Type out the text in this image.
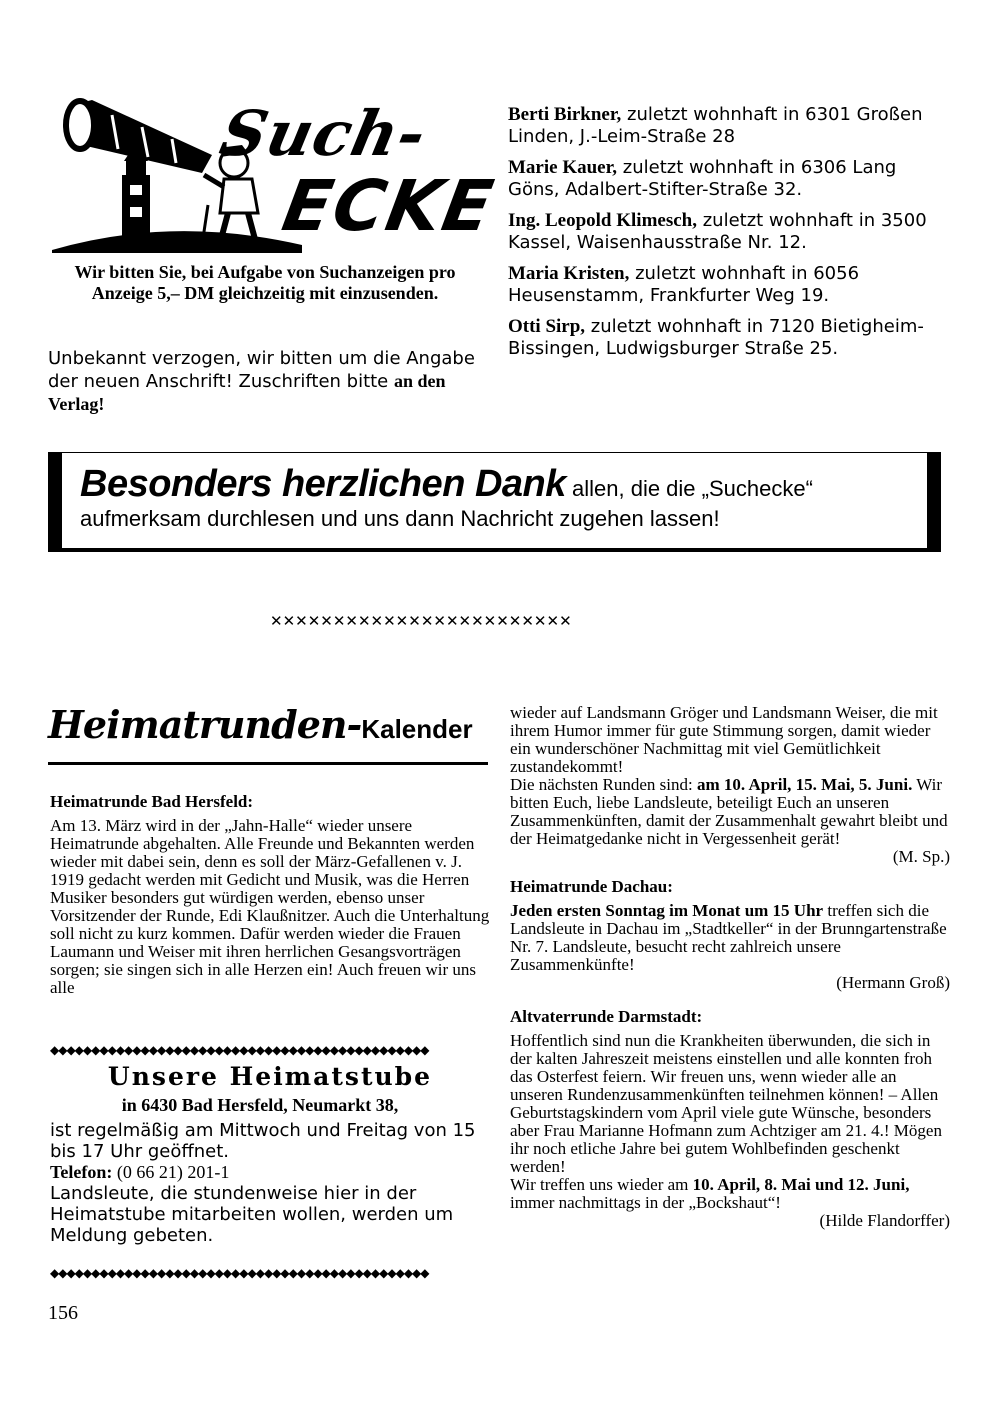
Such-
ECKE
Wir bitten Sie, bei Aufgabe von Suchanzeigen pro Anzeige 5,– DM gleichzeitig mit einzusenden.
Unbekannt verzogen, wir bitten um die Angabe der neuen Anschrift! Zuschriften bitte an den Verlag!
Berti Birkner, zuletzt wohnhaft in 6301 Großen Linden, J.-Leim-Straße 28
Marie Kauer, zuletzt wohnhaft in 6306 Lang Göns, Adalbert-Stifter-Straße 32.
Ing. Leopold Klimesch, zuletzt wohnhaft in 3500 Kassel, Waisenhausstraße Nr. 12.
Maria Kristen, zuletzt wohnhaft in 6056 Heusenstamm, Frankfurter Weg 19.
Otti Sirp, zuletzt wohnhaft in 7120 Bietigheim-Bissingen, Ludwigsburger Straße 25.
Besonders herzlichen Dank allen, die die „Suchecke“ aufmerksam durchlesen und uns dann Nachricht zugehen lassen!
✕✕✕✕✕✕✕✕✕✕✕✕✕✕✕✕✕✕✕✕✕✕✕✕
Heimatrunden-Kalender
Heimatrunde Bad Hersfeld:
Am 13. März wird in der „Jahn-Halle“ wieder unsere Heimatrunde abgehalten. Alle Freunde und Bekannten werden wieder mit dabei sein, denn es soll der März-Gefallenen v. J. 1919 gedacht werden mit Gedicht und Musik, was die Herren Musiker besonders gut würdigen werden, ebenso unser Vorsitzender der Runde, Edi Klaußnitzer. Auch die Unterhaltung soll nicht zu kurz kommen. Dafür werden wieder die Frauen Laumann und Weiser mit ihren herrlichen Gesangsvorträgen sorgen; sie singen sich in alle Herzen ein! Auch freuen wir uns alle
wieder auf Landsmann Gröger und Landsmann Weiser, die mit ihrem Humor immer für gute Stimmung sorgen, damit wieder ein wunderschöner Nachmittag mit viel Gemütlichkeit zustandekommt!
Die nächsten Runden sind: am 10. April, 15. Mai, 5. Juni. Wir bitten Euch, liebe Landsleute, beteiligt Euch an unseren Zusammenkünften, damit der Zusammenhalt gewahrt bleibt und der Heimatgedanke nicht in Vergessenheit gerät!
(M. Sp.)
Heimatrunde Dachau:
Jeden ersten Sonntag im Monat um 15 Uhr treffen sich die Landsleute in Dachau im „Stadtkeller“ in der Brunngartenstraße Nr. 7. Landsleute, besucht recht zahlreich unsere Zusammenkünfte!
(Hermann Groß)
Altvaterrunde Darmstadt:
Hoffentlich sind nun die Krankheiten überwunden, die sich in der kalten Jahreszeit meistens einstellen und alle konnten froh das Osterfest feiern. Wir freuen uns, wenn wieder alle an unseren Rundenzusammenkünften teilnehmen können! – Allen Geburtstagskindern vom April viele gute Wünsche, besonders aber Frau Marianne Hofmann zum Achtziger am 21. 4.! Mögen ihr noch etliche Jahre bei gutem Wohlbefinden geschenkt werden!
Wir treffen uns wieder am 10. April, 8. Mai und 12. Juni, immer nachmittags in der „Bockshaut“!
(Hilde Flandorffer)
◆◆◆◆◆◆◆◆◆◆◆◆◆◆◆◆◆◆◆◆◆◆◆◆◆◆◆◆◆◆◆◆◆◆◆◆◆◆◆◆◆◆◆◆◆◆
Unsere Heimatstube
in 6430 Bad Hersfeld, Neumarkt 38,
ist regelmäßig am Mittwoch und Freitag von 15 bis 17 Uhr geöffnet.
Telefon: (0 66 21) 201-1
Landsleute, die stundenweise hier in der Heimatstube mitarbeiten wollen, werden um Meldung gebeten.
◆◆◆◆◆◆◆◆◆◆◆◆◆◆◆◆◆◆◆◆◆◆◆◆◆◆◆◆◆◆◆◆◆◆◆◆◆◆◆◆◆◆◆◆◆◆
156
